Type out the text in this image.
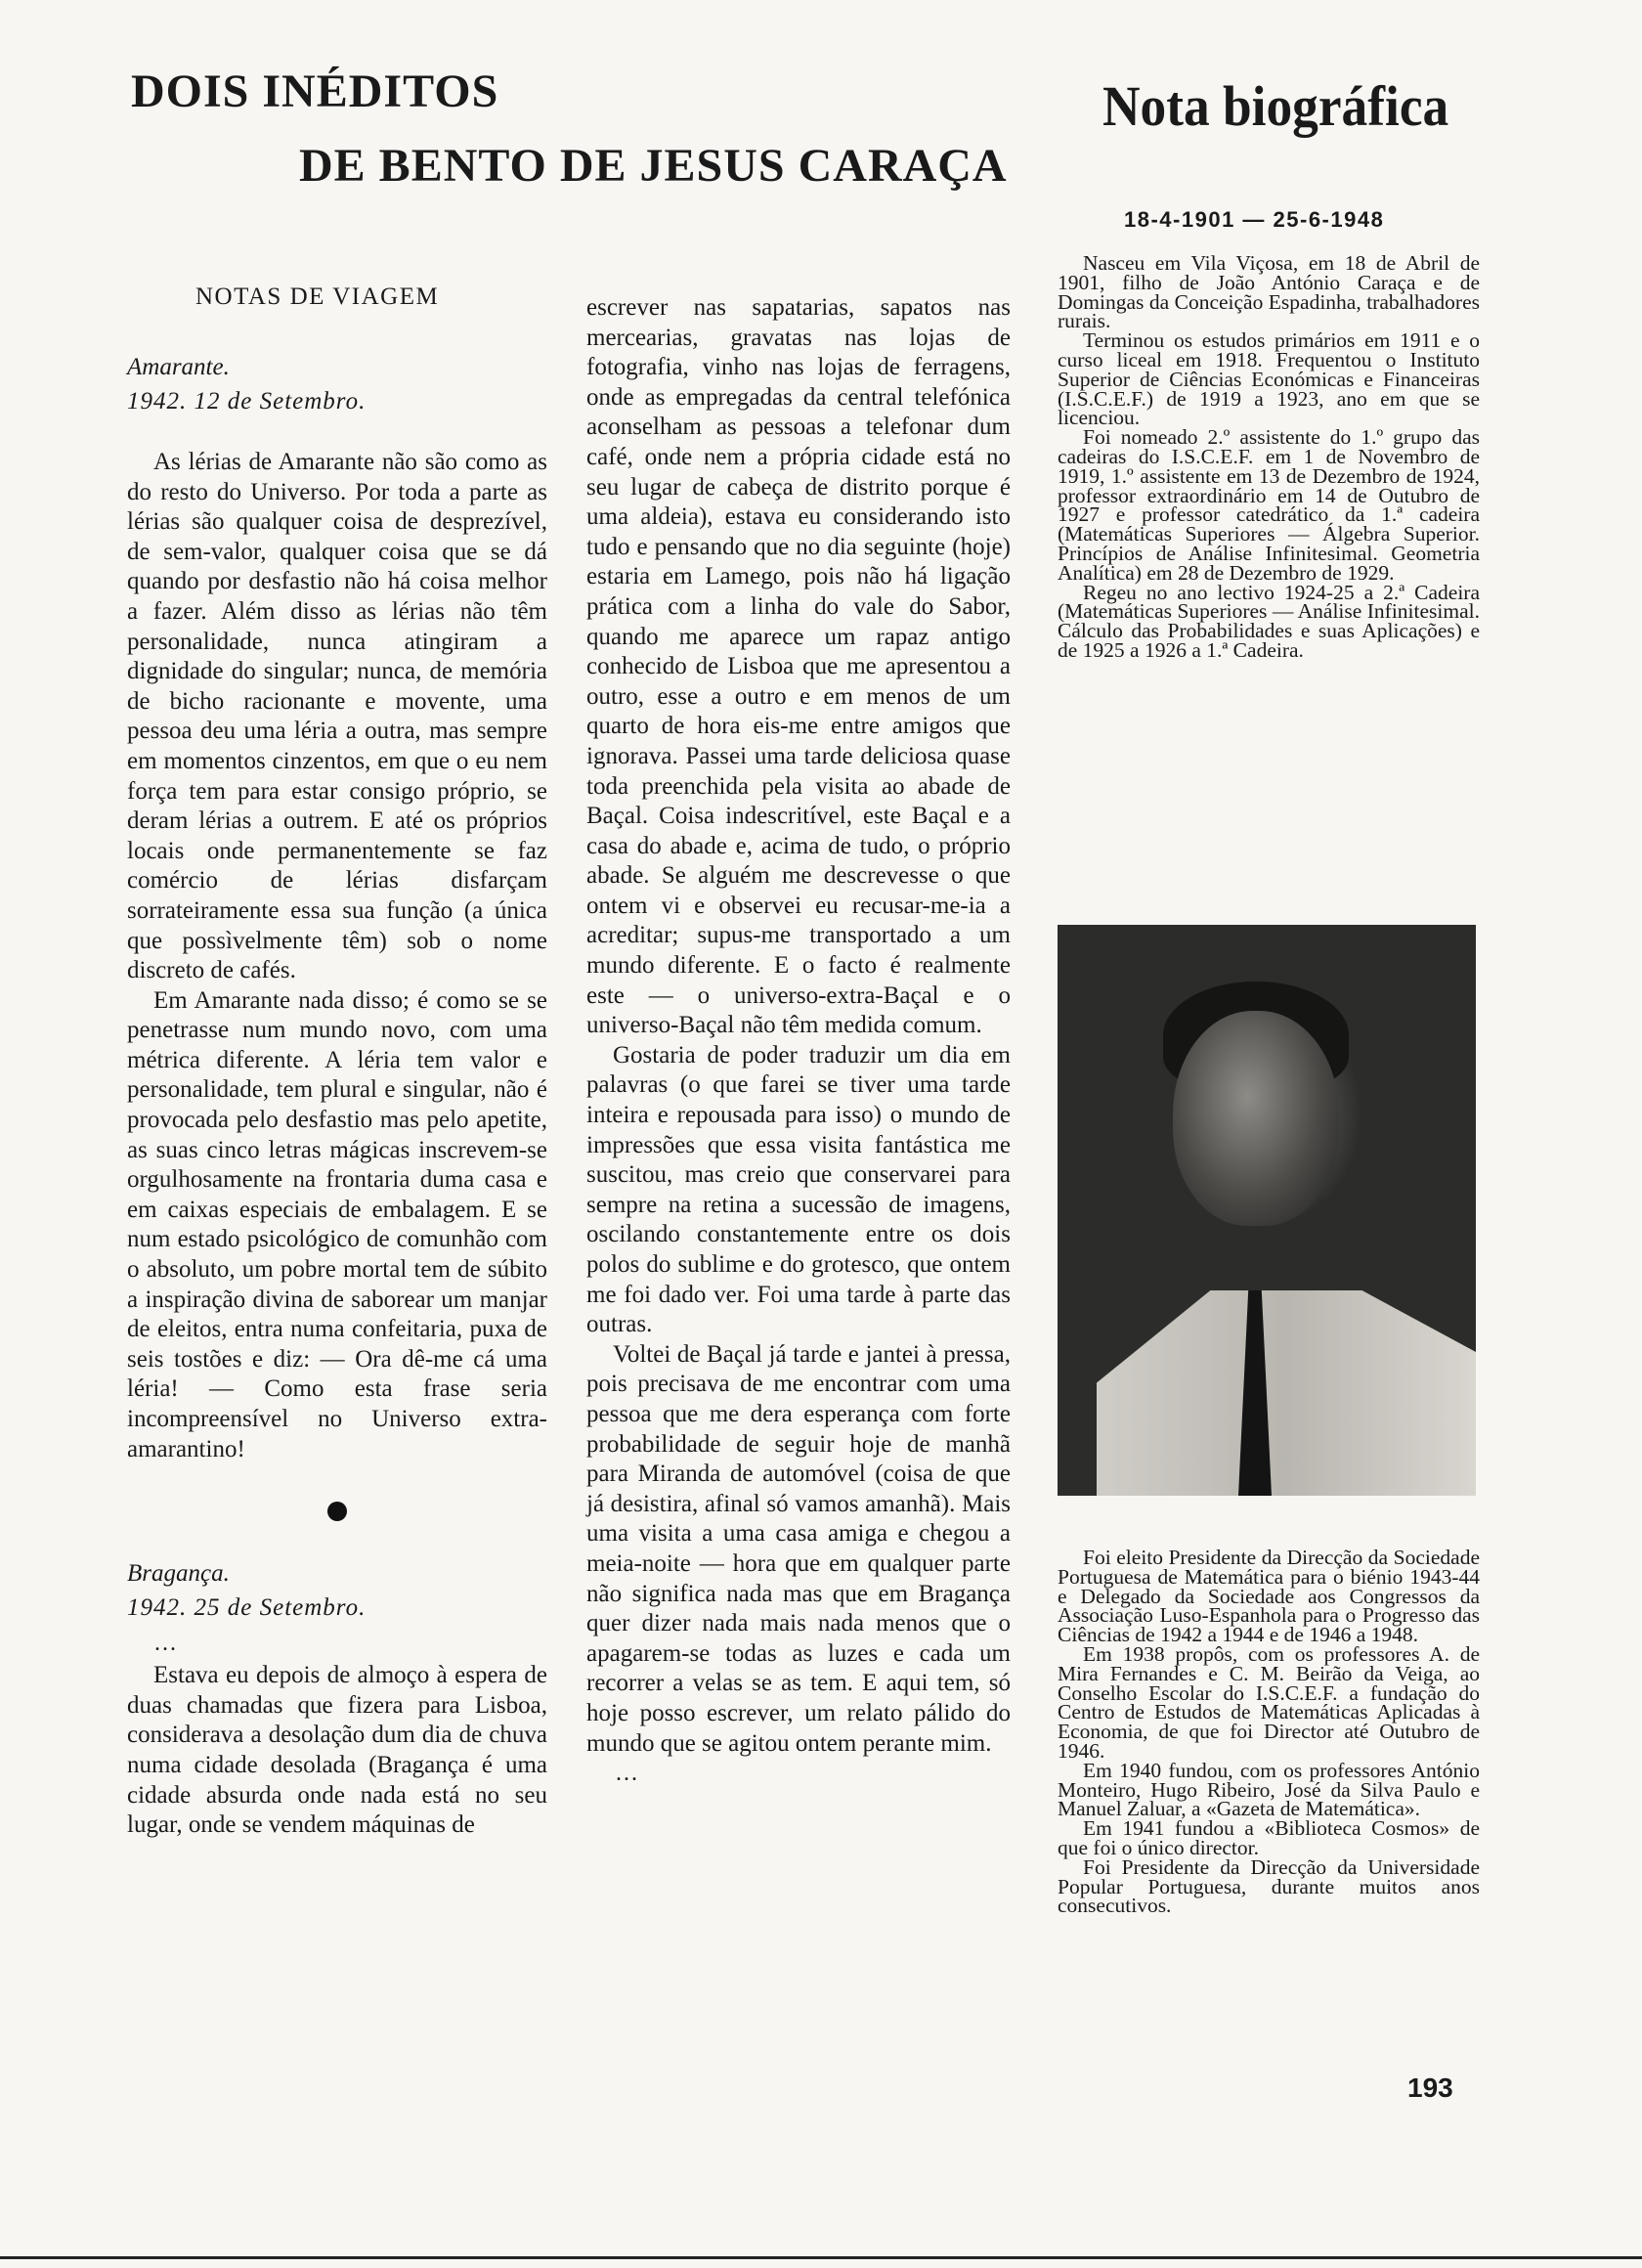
DOIS INÉDITOS
DE BENTO DE JESUS CARAÇA
Nota biográfica
18-4-1901 — 25-6-1948
NOTAS DE VIAGEM
Amarante.
1942. 12 de Setembro.

As lérias de Amarante não são como as do resto do Universo. Por toda a parte as lérias são qualquer coisa de desprezível, de sem-valor, qualquer coisa que se dá quando por desfastio não há coisa melhor a fazer. Além disso as lérias não têm personalidade, nunca atingiram a dignidade do singular; nunca, de memória de bicho racionante e movente, uma pessoa deu uma léria a outra, mas sempre em momentos cinzentos, em que o eu nem força tem para estar consigo próprio, se deram lérias a outrem. E até os próprios locais onde permanentemente se faz comércio de lérias disfarçam sorrateiramente essa sua função (a única que possìvelmente têm) sob o nome discreto de cafés.

Em Amarante nada disso; é como se se penetrasse num mundo novo, com uma métrica diferente. A léria tem valor e personalidade, tem plural e singular, não é provocada pelo desfastio mas pelo apetite, as suas cinco letras mágicas inscrevem-se orgulhosamente na frontaria duma casa e em caixas especiais de embalagem. E se num estado psicológico de comunhão com o absoluto, um pobre mortal tem de súbito a inspiração divina de saborear um manjar de eleitos, entra numa confeitaria, puxa de seis tostões e diz: — Ora dê-me cá uma léria! — Como esta frase seria incompreensível no Universo extra-amarantino!

Bragança.
1942. 25 de Setembro.
...

Estava eu depois de almoço à espera de duas chamadas que fizera para Lisboa, considerava a desolação dum dia de chuva numa cidade desolada (Bragança é uma cidade absurda onde nada está no seu lugar, onde se vendem máquinas de

escrever nas sapatarias, sapatos nas mercearias, gravatas nas lojas de fotografia, vinho nas lojas de ferragens, onde as empregadas da central telefónica aconselham as pessoas a telefonar dum café, onde nem a própria cidade está no seu lugar de cabeça de distrito porque é uma aldeia), estava eu considerando isto tudo e pensando que no dia seguinte (hoje) estaria em Lamego, pois não há ligação prática com a linha do vale do Sabor, quando me aparece um rapaz antigo conhecido de Lisboa que me apresentou a outro, esse a outro e em menos de um quarto de hora eis-me entre amigos que ignorava. Passei uma tarde deliciosa quase toda preenchida pela visita ao abade de Baçal. Coisa indescritível, este Baçal e a casa do abade e, acima de tudo, o próprio abade. Se alguém me descrevesse o que ontem vi e observei eu recusar-me-ia a acreditar; supus-me transportado a um mundo diferente. E o facto é realmente este — o universo-extra-Baçal e o universo-Baçal não têm medida comum.

Gostaria de poder traduzir um dia em palavras (o que farei se tiver uma tarde inteira e repousada para isso) o mundo de impressões que essa visita fantástica me suscitou, mas creio que conservarei para sempre na retina a sucessão de imagens, oscilando constantemente entre os dois polos do sublime e do grotesco, que ontem me foi dado ver. Foi uma tarde à parte das outras.

Voltei de Baçal já tarde e jantei à pressa, pois precisava de me encontrar com uma pessoa que me dera esperança com forte probabilidade de seguir hoje de manhã para Miranda de automóvel (coisa de que já desistira, afinal só vamos amanhã). Mais uma visita a uma casa amiga e chegou a meia-noite — hora que em qualquer parte não significa nada mas que em Bragança quer dizer nada mais nada menos que o apagarem-se todas as luzes e cada um recorrer a velas se as tem. E aqui tem, só hoje posso escrever, um relato pálido do mundo que se agitou ontem perante mim.

...

Nasceu em Vila Viçosa, em 18 de Abril de 1901, filho de João António Caraça e de Domingas da Conceição Espadinha, trabalhadores rurais.

Terminou os estudos primários em 1911 e o curso liceal em 1918. Frequentou o Instituto Superior de Ciências Económicas e Financeiras (I.S.C.E.F.) de 1919 a 1923, ano em que se licenciou.

Foi nomeado 2.º assistente do 1.º grupo das cadeiras do I.S.C.E.F. em 1 de Novembro de 1919, 1.º assistente em 13 de Dezembro de 1924, professor extraordinário em 14 de Outubro de 1927 e professor catedrático da 1.ª cadeira (Matemáticas Superiores — Álgebra Superior. Princípios de Análise Infinitesimal. Geometria Analítica) em 28 de Dezembro de 1929.

Regeu no ano lectivo 1924-25 a 2.ª Cadeira (Matemáticas Superiores — Análise Infinitesimal. Cálculo das Probabilidades e suas Aplicações) e de 1925 a 1926 a 1.ª Cadeira.

Foi eleito Presidente da Direcção da Sociedade Portuguesa de Matemática para o biénio 1943-44 e Delegado da Sociedade aos Congressos da Associação Luso-Espanhola para o Progresso das Ciências de 1942 a 1944 e de 1946 a 1948.

Em 1938 propôs, com os professores A. de Mira Fernandes e C. M. Beirão da Veiga, ao Conselho Escolar do I.S.C.E.F. a fundação do Centro de Estudos de Matemáticas Aplicadas à Economia, de que foi Director até Outubro de 1946.

Em 1940 fundou, com os professores António Monteiro, Hugo Ribeiro, José da Silva Paulo e Manuel Zaluar, a «Gazeta de Matemática».

Em 1941 fundou a «Biblioteca Cosmos» de que foi o único director.

Foi Presidente da Direcção da Universidade Popular Portuguesa, durante muitos anos consecutivos.

193
